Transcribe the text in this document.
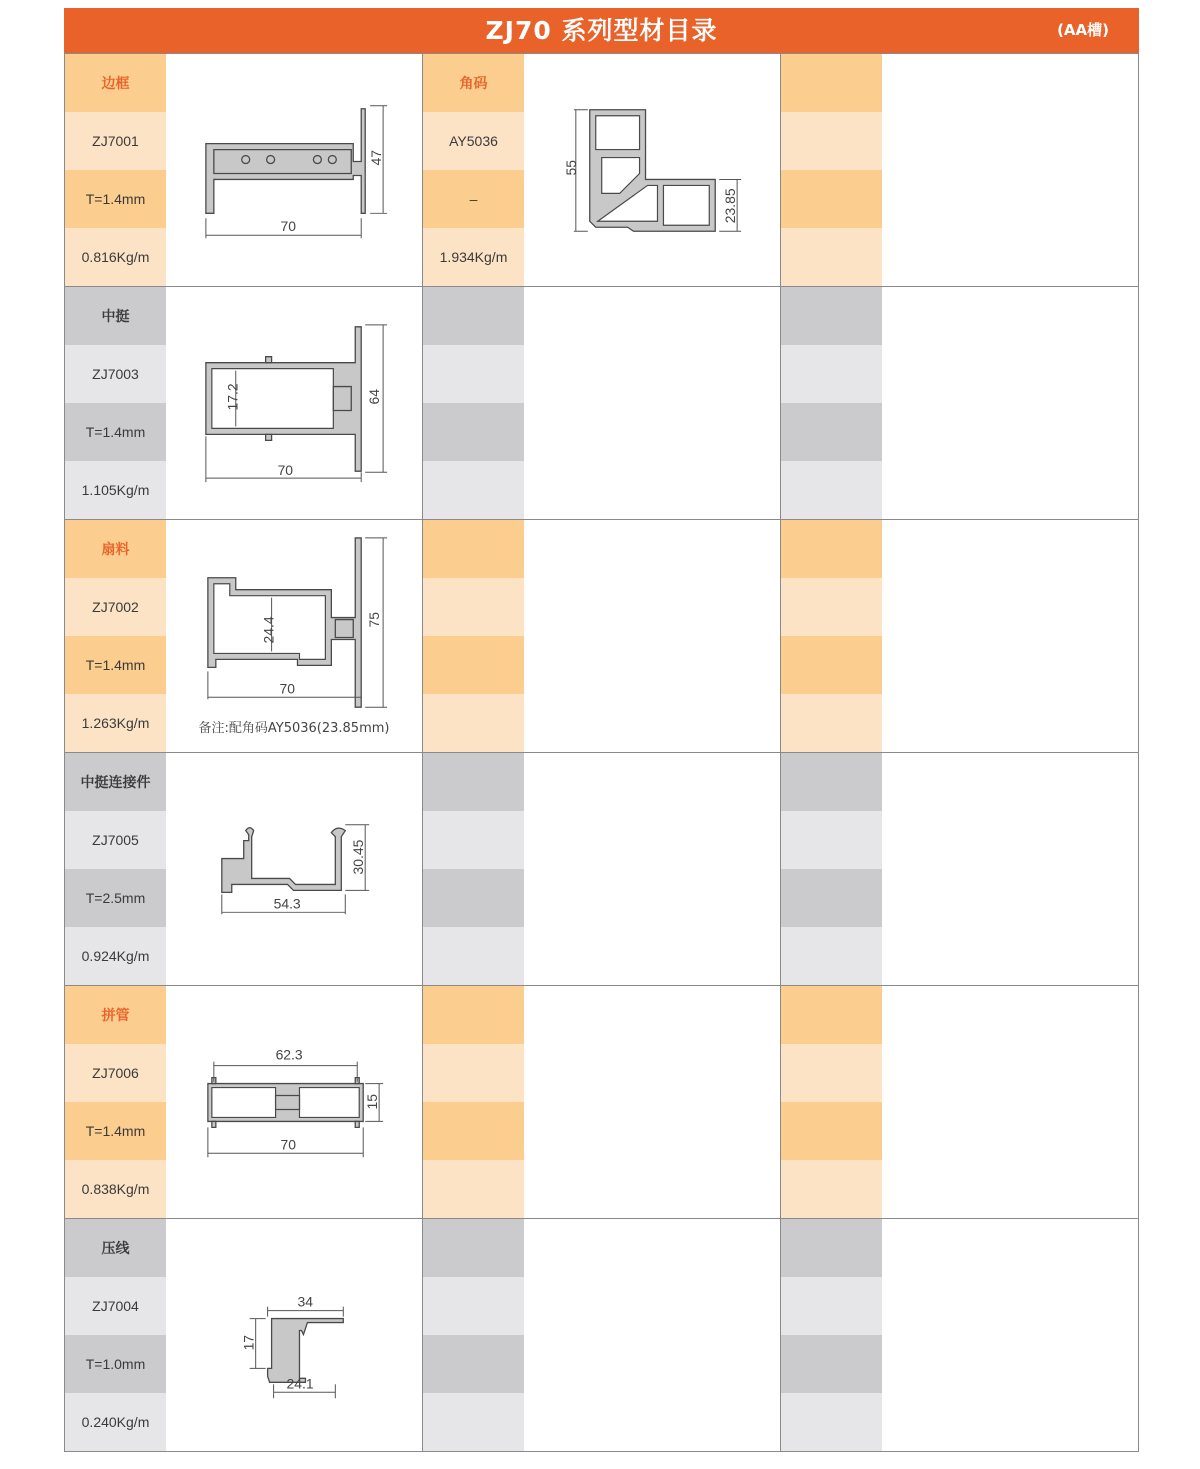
ZJ70 系列型材目录	(AA槽)
边框
ZJ7001
T=1.4mm
0.816Kg/m
70
47
角码
AY5036
–
1.934Kg/m
55
23.85
中挺
ZJ7003
T=1.4mm
1.105Kg/m
70
64
17.2
扇料
ZJ7002
T=1.4mm
1.263Kg/m
70
75
24.4
备注:配角码AY5036(23.85mm)
中挺连接件
ZJ7005
T=2.5mm
0.924Kg/m
54.3
30.45
拼管
ZJ7006
T=1.4mm
0.838Kg/m
62.3
70
15
压线
ZJ7004
T=1.0mm
0.240Kg/m
34
17
24.1
